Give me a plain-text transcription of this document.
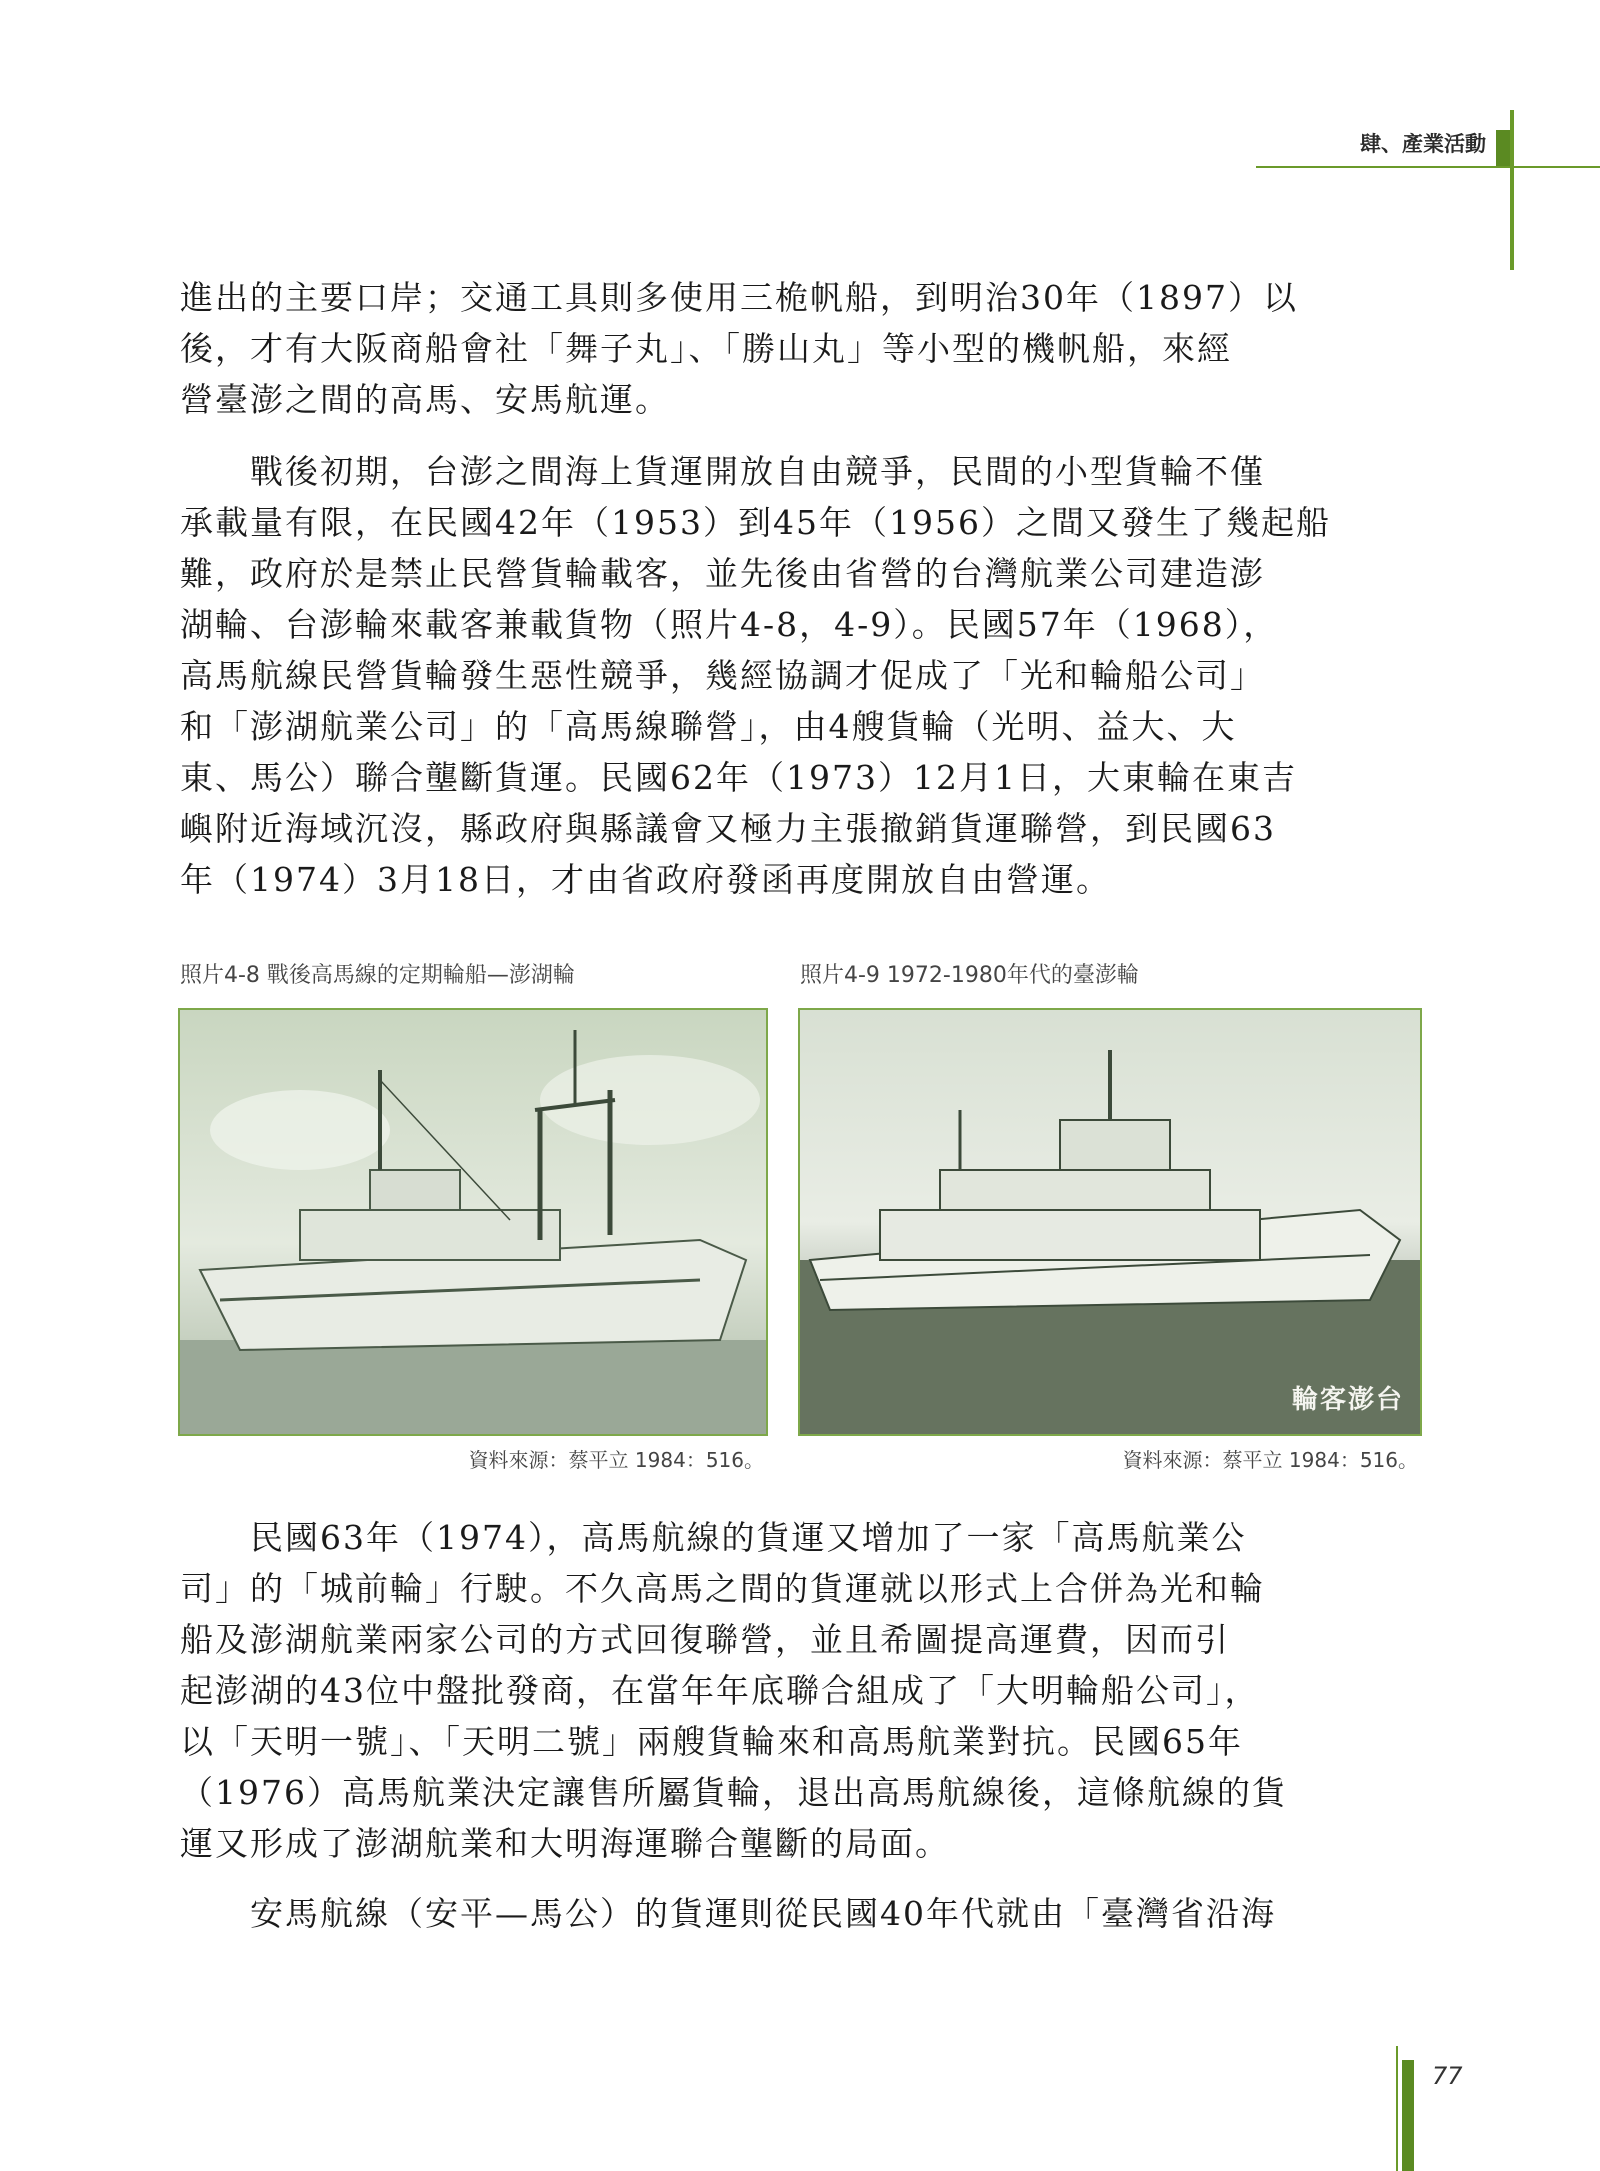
肆、產業活動
進出的主要口岸；交通工具則多使用三桅帆船，到明治30年（1897）以
後，才有大阪商船會社「舞子丸」、「勝山丸」等小型的機帆船，來經
營臺澎之間的高馬、安馬航運。
　　戰後初期，台澎之間海上貨運開放自由競爭，民間的小型貨輪不僅
承載量有限，在民國42年（1953）到45年（1956）之間又發生了幾起船
難，政府於是禁止民營貨輪載客，並先後由省營的台灣航業公司建造澎
湖輪、台澎輪來載客兼載貨物（照片4-8，4-9）。民國57年（1968），
高馬航線民營貨輪發生惡性競爭，幾經協調才促成了「光和輪船公司」
和「澎湖航業公司」的「高馬線聯營」，由4艘貨輪（光明、益大、大
東、馬公）聯合壟斷貨運。民國62年（1973）12月1日，大東輪在東吉
嶼附近海域沉沒，縣政府與縣議會又極力主張撤銷貨運聯營，到民國63
年（1974）3月18日，才由省政府發函再度開放自由營運。
照片4-8 戰後高馬線的定期輪船—澎湖輪
資料來源：蔡平立 1984：516。
照片4-9 1972-1980年代的臺澎輪
輪客澎台
資料來源：蔡平立 1984：516。
　　民國63年（1974），高馬航線的貨運又增加了一家「高馬航業公
司」的「城前輪」行駛。不久高馬之間的貨運就以形式上合併為光和輪
船及澎湖航業兩家公司的方式回復聯營，並且希圖提高運費，因而引
起澎湖的43位中盤批發商，在當年年底聯合組成了「大明輪船公司」，
以「天明一號」、「天明二號」兩艘貨輪來和高馬航業對抗。民國65年
（1976）高馬航業決定讓售所屬貨輪，退出高馬航線後，這條航線的貨
運又形成了澎湖航業和大明海運聯合壟斷的局面。
　　安馬航線（安平—馬公）的貨運則從民國40年代就由「臺灣省沿海
77
